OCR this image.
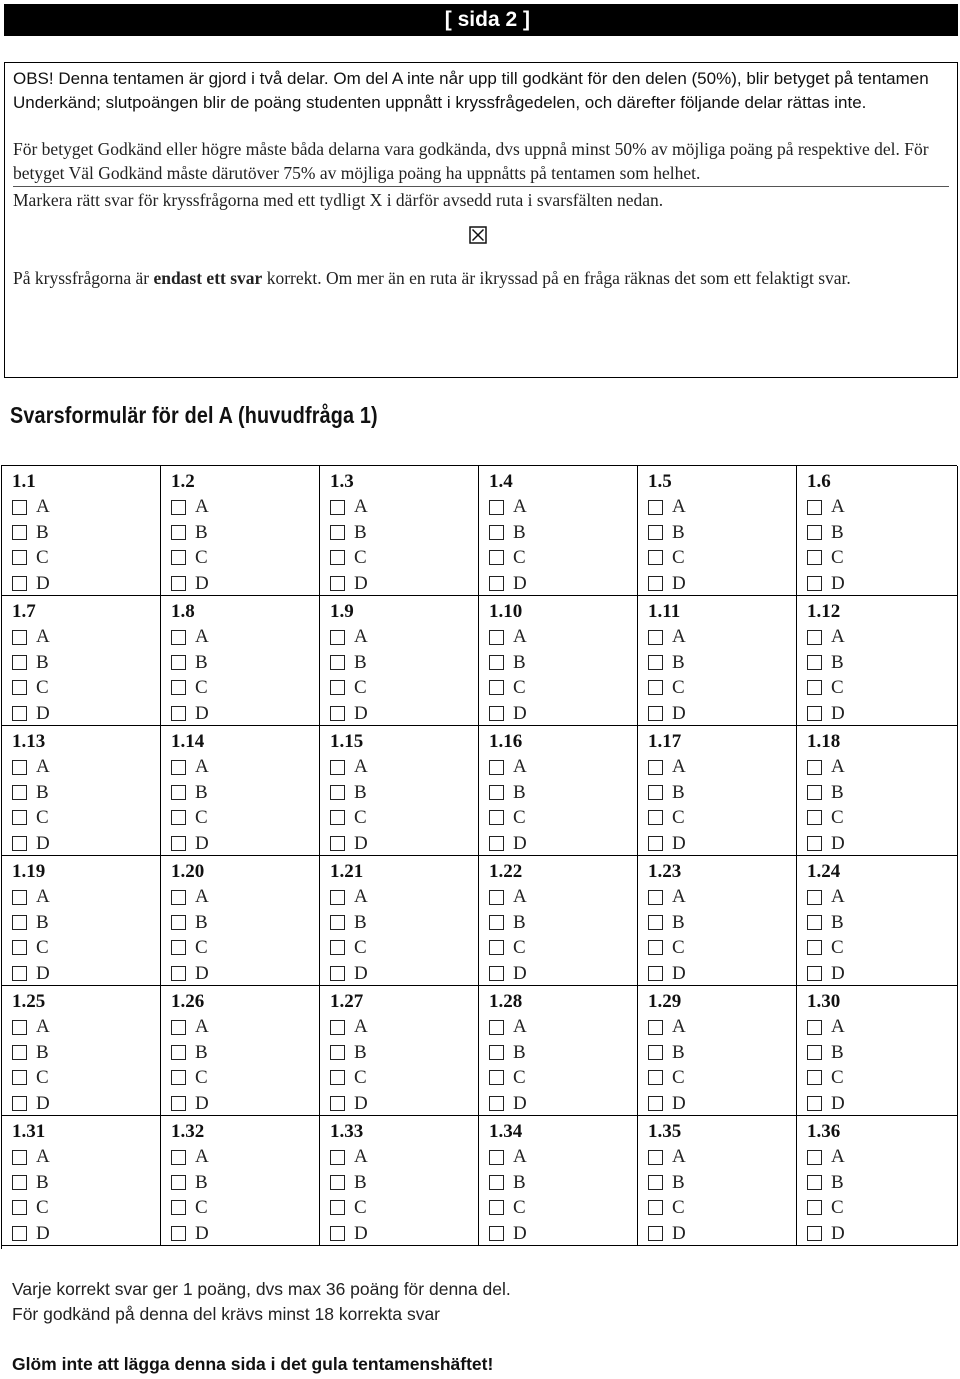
[ sida 2 ]

OBS! Denna tentamen är gjord i två delar. Om del A inte når upp till godkänt för den delen (50%), blir betyget på tentamen Underkänd; slutpoängen blir de poäng studenten uppnått i kryssfrågedelen, och därefter följande delar rättas inte.

För betyget Godkänd eller högre måste båda delarna vara godkända, dvs uppnå minst 50% av möjliga poäng på respektive del. För betyget Väl Godkänd måste därutöver 75% av möjliga poäng ha uppnåtts på tentamen som helhet.

Markera rätt svar för kryssfrågorna med ett tydligt X i därför avsedd ruta i svarsfälten nedan.

På kryssfrågorna är endast ett svar korrekt. Om mer än en ruta är ikryssad på en fråga räknas det som ett felaktigt svar.

Svarsformulär för del A (huvudfråga 1)
1.1
A
B
C
D
1.2
A
B
C
D
1.3
A
B
C
D
1.4
A
B
C
D
1.5
A
B
C
D
1.6
A
B
C
D
1.7
A
B
C
D
1.8
A
B
C
D
1.9
A
B
C
D
1.10
A
B
C
D
1.11
A
B
C
D
1.12
A
B
C
D
1.13
A
B
C
D
1.14
A
B
C
D
1.15
A
B
C
D
1.16
A
B
C
D
1.17
A
B
C
D
1.18
A
B
C
D
1.19
A
B
C
D
1.20
A
B
C
D
1.21
A
B
C
D
1.22
A
B
C
D
1.23
A
B
C
D
1.24
A
B
C
D
1.25
A
B
C
D
1.26
A
B
C
D
1.27
A
B
C
D
1.28
A
B
C
D
1.29
A
B
C
D
1.30
A
B
C
D
1.31
A
B
C
D
1.32
A
B
C
D
1.33
A
B
C
D
1.34
A
B
C
D
1.35
A
B
C
D
1.36
A
B
C
D
Varje korrekt svar ger 1 poäng, dvs max 36 poäng för denna del.
För godkänd på denna del krävs minst 18 korrekta svar
Glöm inte att lägga denna sida i det gula tentamenshäftet!
